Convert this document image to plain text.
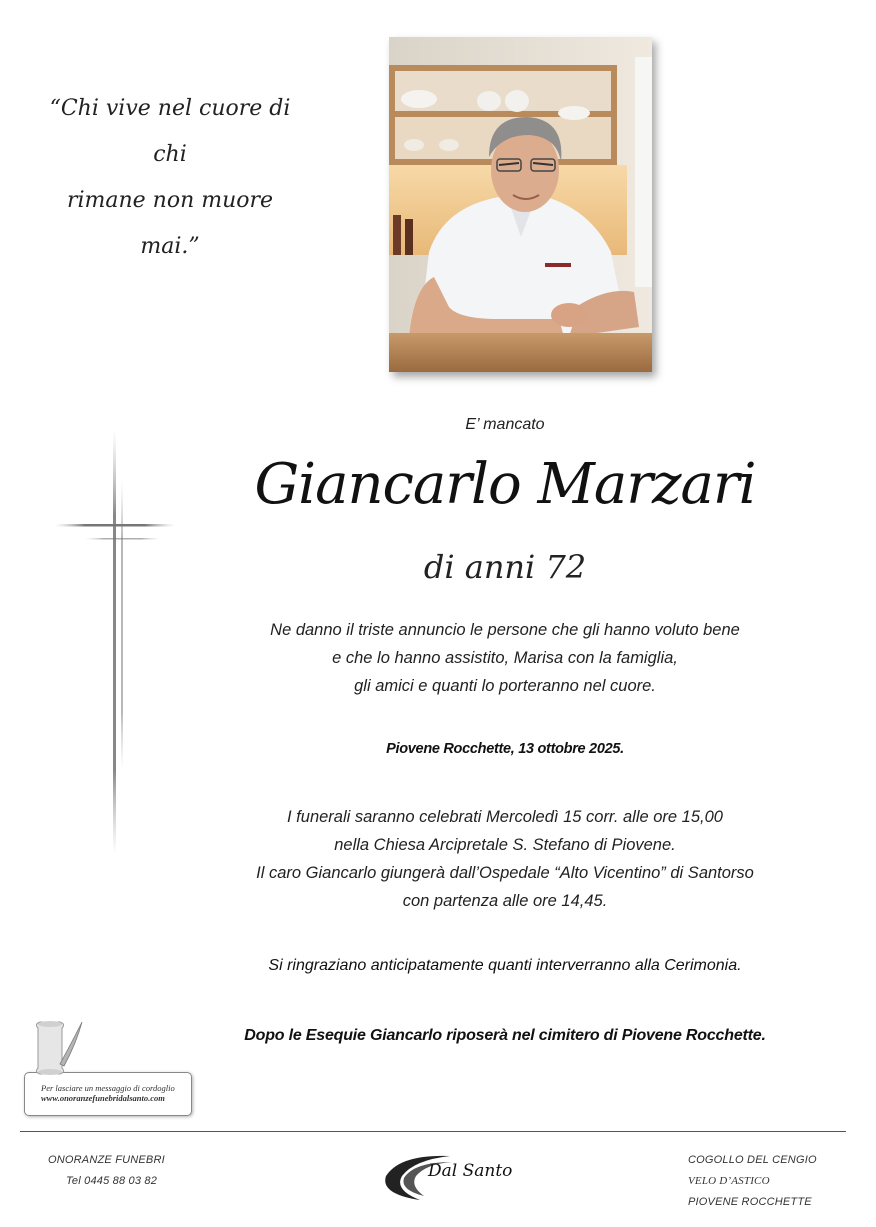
“Chi vive nel cuore di chi
rimane non muore mai.”
E’ mancato
Giancarlo Marzari
di anni 72
Ne danno il triste annuncio le persone che gli hanno voluto bene
e che lo hanno assistito, Marisa con la famiglia,
gli amici e quanti lo porteranno nel cuore.
Piovene Rocchette, 13 ottobre 2025.
I funerali saranno celebrati Mercoledì 15 corr. alle ore 15,00
nella Chiesa Arcipretale S. Stefano di Piovene.
Il caro Giancarlo giungerà dall’Ospedale “Alto Vicentino” di Santorso
con partenza alle ore 14,45.
Si ringraziano anticipatamente quanti interverranno alla Cerimonia.
Dopo le Esequie Giancarlo riposerà nel cimitero di Piovene Rocchette.
Per lasciare un messaggio di cordoglio
www.onoranzefunebridalsanto.com
ONORANZE FUNEBRI
Tel 0445 88 03 82	Dal Santo
COGOLLO DEL CENGIO
VELO D’ASTICO
PIOVENE ROCCHETTE
